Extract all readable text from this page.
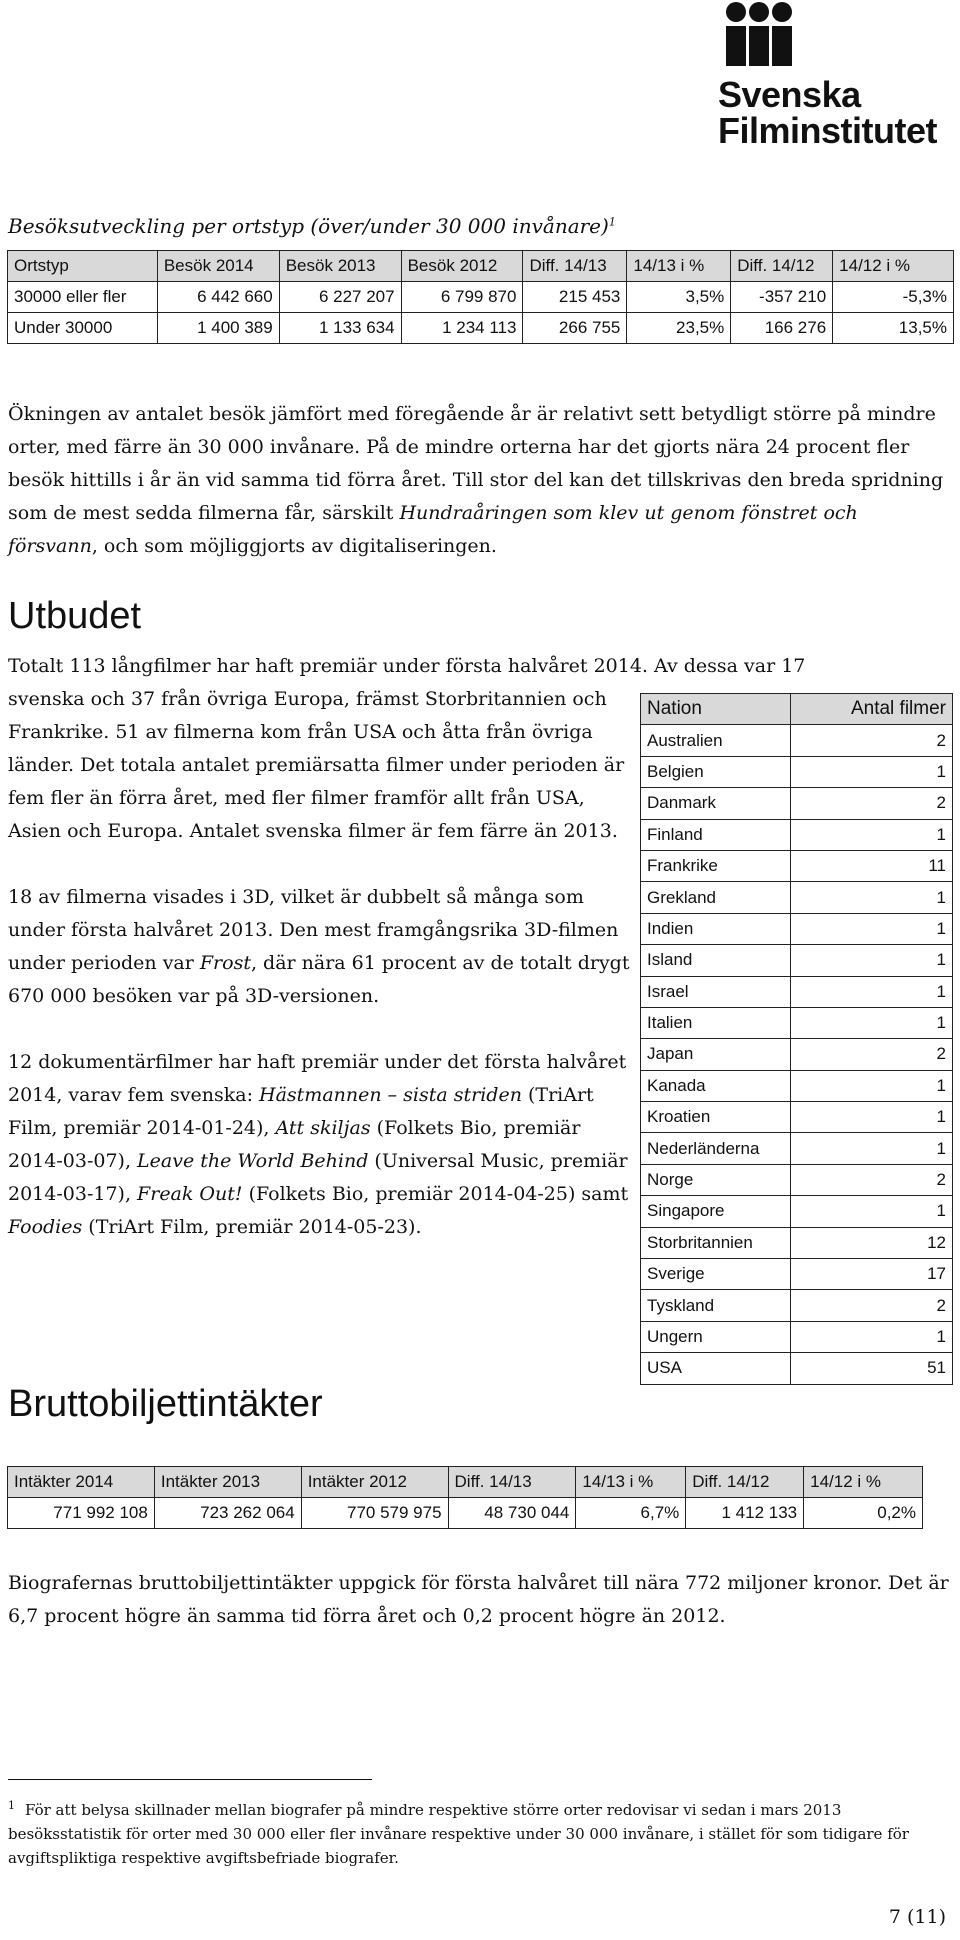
Svenska
Filminstitutet
Besöksutveckling per ortstyp (över/under 30 000 invånare)$^1$
Ortstyp	Besök 2014	Besök 2013	Besök 2012	Diff. 14/13	14/13 i %	Diff. 14/12	14/12 i %
30000 eller fler	6 442 660	6 227 207	6 799 870	215 453	3,5%	-357 210	-5,3%
Under 30000	1 400 389	1 133 634	1 234 113	266 755	23,5%	166 276	13,5%

Ökningen av antalet besök jämfört med föregående år är relativt sett betydligt större på mindre orter, med färre än 30 000 invånare. På de mindre orterna har det gjorts nära 24 procent fler besök hittills i år än vid samma tid förra året. Till stor del kan det tillskrivas den breda spridning som de mest sedda filmerna får, särskilt Hundraåringen som klev ut genom fönstret och försvann, och som möjliggjorts av digitaliseringen.

Utbudet

Totalt 113 långfilmer har haft premiär under första halvåret 2014. Av dessa var 17

svenska och 37 från övriga Europa, främst Storbritannien och Frankrike. 51 av filmerna kom från USA och åtta från övriga länder. Det totala antalet premiärsatta filmer under perioden är fem fler än förra året, med fler filmer framför allt från USA, Asien och Europa. Antalet svenska filmer är fem färre än 2013.

18 av filmerna visades i 3D, vilket är dubbelt så många som under första halvåret 2013. Den mest framgångsrika 3D-filmen under perioden var Frost, där nära 61 procent av de totalt drygt 670 000 besöken var på 3D-versionen.

12 dokumentärfilmer har haft premiär under det första halvåret 2014, varav fem svenska: Hästmannen – sista striden (TriArt Film, premiär 2014-01-24), Att skiljas (Folkets Bio, premiär 2014-03-07), Leave the World Behind (Universal Music, premiär 2014-03-17), Freak Out! (Folkets Bio, premiär 2014-04-25) samt Foodies (TriArt Film, premiär 2014-05-23).

Nation	Antal filmer
Australien	2
Belgien	1
Danmark	2
Finland	1
Frankrike	11
Grekland	1
Indien	1
Island	1
Israel	1
Italien	1
Japan	2
Kanada	1
Kroatien	1
Nederländerna	1
Norge	2
Singapore	1
Storbritannien	12
Sverige	17
Tyskland	2
Ungern	1
USA	51
Bruttobiljettintäkter
Intäkter 2014	Intäkter 2013	Intäkter 2012	Diff. 14/13	14/13 i %	Diff. 14/12	14/12 i %
771 992 108	723 262 064	770 579 975	48 730 044	6,7%	1 412 133	0,2%

Biografernas bruttobiljettintäkter uppgick för första halvåret till nära 772 miljoner kronor. Det är 6,7 procent högre än samma tid förra året och 0,2 procent högre än 2012.

$^1$ För att belysa skillnader mellan biografer på mindre respektive större orter redovisar vi sedan i mars 2013 besöksstatistik för orter med 30 000 eller fler invånare respektive under 30 000 invånare, i stället för som tidigare för avgiftspliktiga respektive avgiftsbefriade biografer.
7 (11)
